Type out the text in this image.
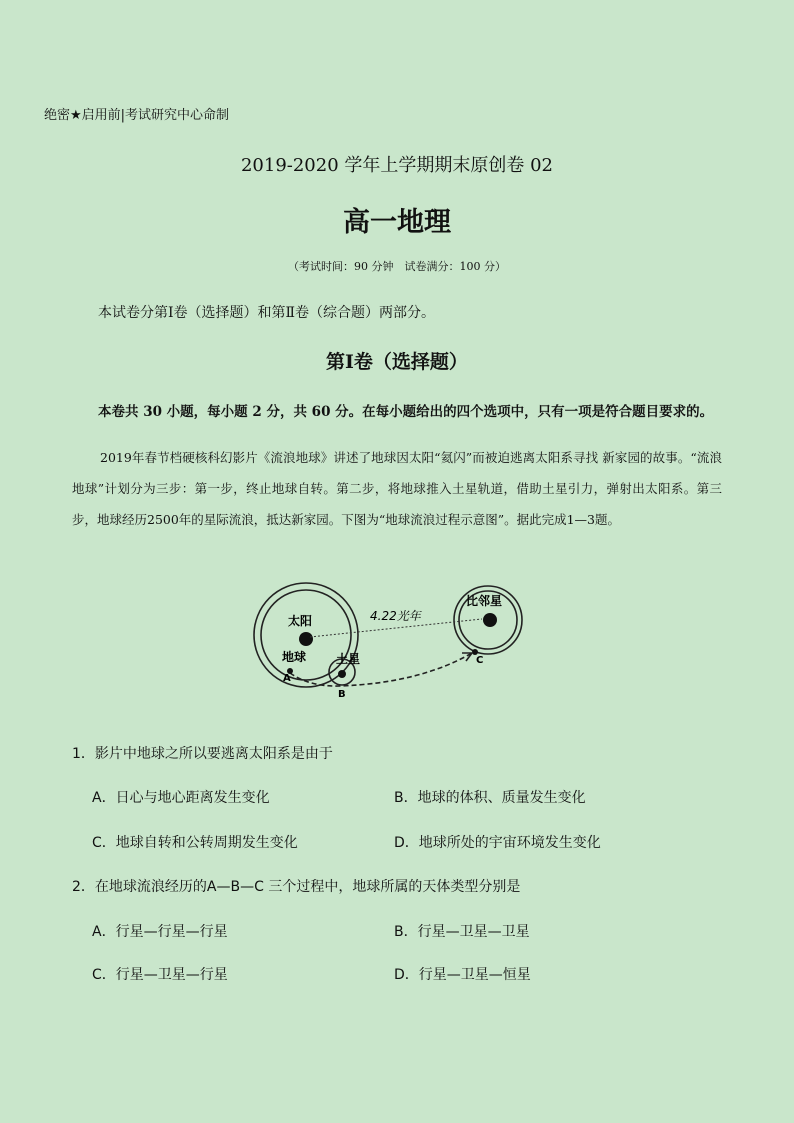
绝密★启用前|考试研究中心命制
2019-2020 学年上学期期末原创卷 02
高一地理
（考试时间：90 分钟　试卷满分：100 分）
本试卷分第Ⅰ卷（选择题）和第Ⅱ卷（综合题）两部分。
第Ⅰ卷（选择题）
本卷共 30 小题，每小题 2 分，共 60 分。在每小题给出的四个选项中，只有一项是符合题目要求的。
2019年春节档硬核科幻影片《流浪地球》讲述了地球因太阳“氦闪”而被迫逃离太阳系寻找 新家园的故事。“流浪地球”计划分为三步：第一步，终止地球自转。第二步，将地球推入土星轨道，借助土星引力，弹射出太阳系。第三步，地球经历2500年的星际流浪，抵达新家园。下图为“地球流浪过程示意图”。据此完成1—3题。
太阳
地球 土星
比邻星
4.22光年
A
B
C
1．影片中地球之所以要逃离太阳系是由于
A．日心与地心距离发生变化	B．地球的体积、质量发生变化
C．地球自转和公转周期发生变化	D．地球所处的宇宙环境发生变化
2．在地球流浪经历的A—B—C 三个过程中，地球所属的天体类型分别是
A．行星—行星—行星	B．行星—卫星—卫星
C．行星—卫星—行星	D．行星—卫星—恒星
